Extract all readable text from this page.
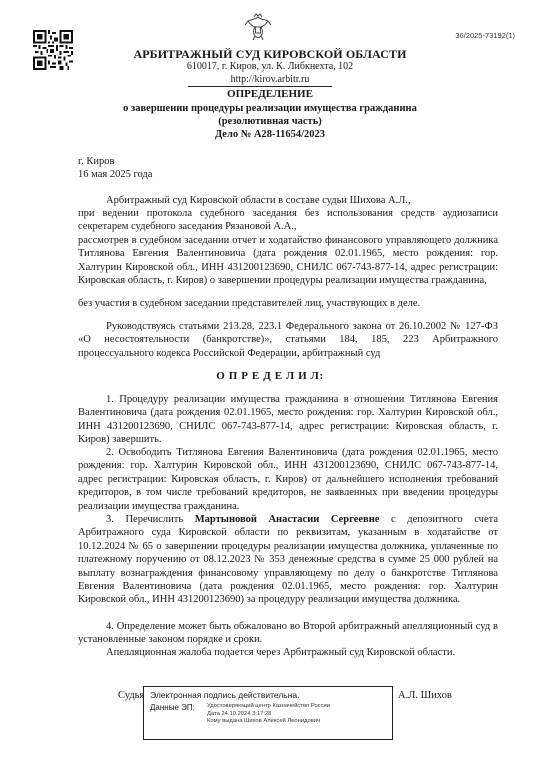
36/2025-73192(1)
АРБИТРАЖНЫЙ СУД КИРОВСКОЙ ОБЛАСТИ
610017, г. Киров, ул. К. Либкнехта, 102
http://kirov.arbitr.ru
ОПРЕДЕЛЕНИЕ
о завершении процедуры реализации имущества гражданина
(резолютивная часть)
Дело № А28-11654/2023
г. Киров
16 мая 2025 года

Арбитражный суд Кировской области в составе судьи Шихова А.Л.,

при ведении протокола судебного заседания без использования средств аудиозаписи секретарем судебного заседания Рязановой А.А.,

рассмотрев в судебном заседании отчет и ходатайство финансового управляющего должника Титлянова Евгения Валентиновича (дата рождения 02.01.1965, место рождения: гор. Халтурин Кировской обл., ИНН 431200123690, СНИЛС 067-743-877-14, адрес регистрации: Кировская область, г. Киров) о завершении процедуры реализации имущества гражданина,

без участия в судебном заседании представителей лиц, участвующих в деле.

Руководствуясь статьями 213.28, 223.1 Федерального закона от 26.10.2002 № 127-ФЗ «О несостоятельности (банкротстве)», статьями 184, 185, 223 Арбитражного процессуального кодекса Российской Федерации, арбитражный суд

О П Р Е Д Е Л И Л:

1. Процедуру реализации имущества гражданина в отношении Титлянова Евгения Валентиновича (дата рождения 02.01.1965, место рождения: гор. Халтурин Кировской обл., ИНН 431200123690, СНИЛС 067-743-877-14, адрес регистрации: Кировская область, г. Киров) завершить.

2. Освободить Титлянова Евгения Валентиновича (дата рождения 02.01.1965, место рождения: гор. Халтурин Кировской обл., ИНН 431200123690, СНИЛС 067-743-877-14, адрес регистрации: Кировская область, г. Киров) от дальнейшего исполнения требований кредиторов, в том числе требований кредиторов, не заявленных при введении процедуры реализации имущества гражданина.

3. Перечислить Мартыновой Анастасии Сергеевне с депозитного счета Арбитражного суда Кировской области по реквизитам, указанным в ходатайстве от 10.12.2024 № 65 о завершении процедуры реализации имущества должника, уплаченные по платежному поручению от 08.12.2023 № 353 денежные средства в сумме 25 000 рублей на выплату вознаграждения финансовому управляющему по делу о банкротстве Титлянова Евгения Валентиновича (дата рождения 02.01.1965, место рождения: гор. Халтурин Кировской обл., ИНН 431200123690) за процедуру реализации имущества должника.

4. Определение может быть обжаловано во Второй арбитражный апелляционный суд в установленные законом порядке и сроки.

Апелляционная жалоба подается через Арбитражный суд Кировской области.

Судья Электронная подпись действительна.
Данные ЭП: Удостоверяющий центр Казначейство России
Дата 24.10.2024 3:17:28
Кому выдана Шихов Алексей Леонидович
А.Л. Шихов
